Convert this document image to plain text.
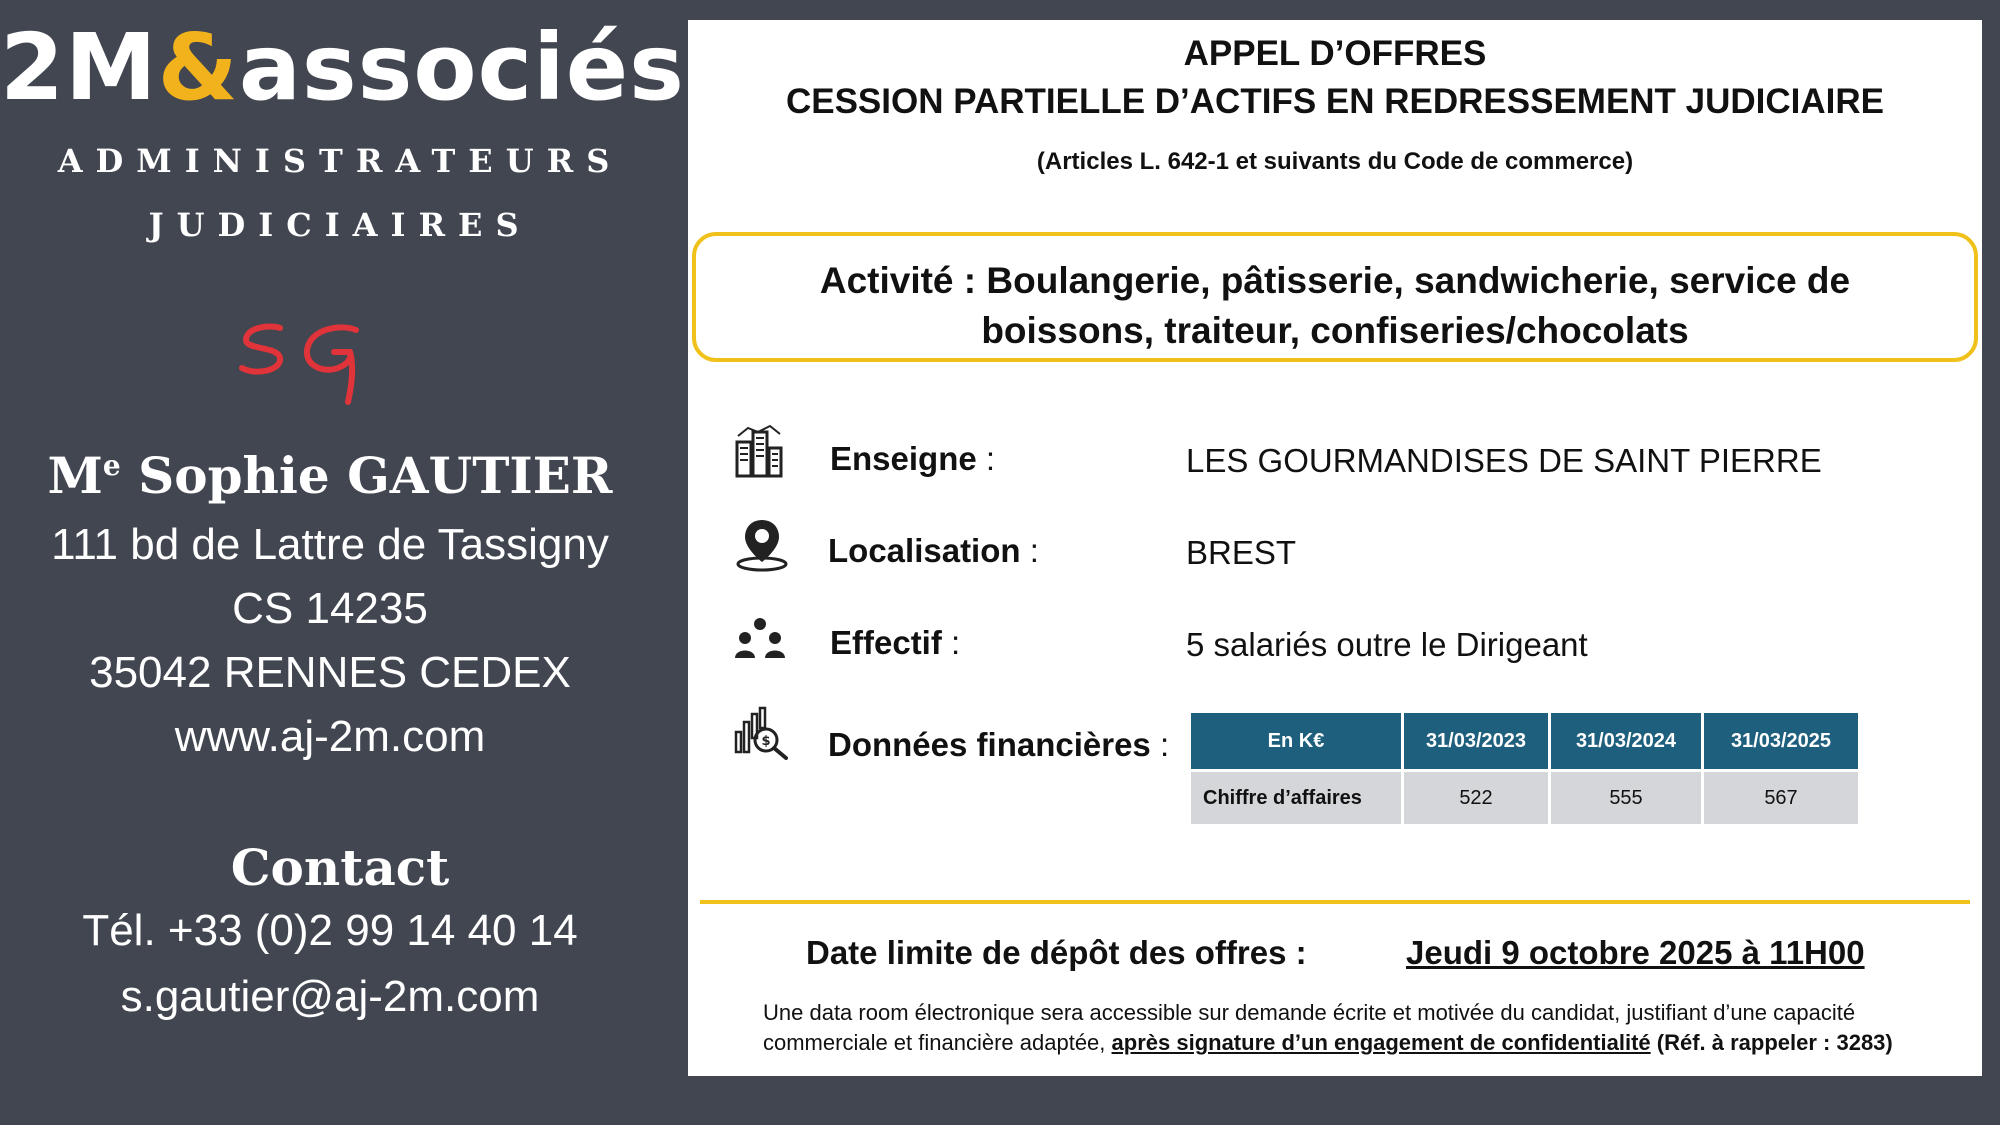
2M&associés
ADMINISTRATEURS
JUDICIAIRES
Me Sophie GAUTIER
111 bd de Lattre de Tassigny
CS 14235
35042 RENNES CEDEX
www.aj-2m.com
Contact
Tél. +33 (0)2 99 14 40 14
s.gautier@aj-2m.com
APPEL D’OFFRES
CESSION PARTIELLE D’ACTIFS EN REDRESSEMENT JUDICIAIRE
(Articles L. 642-1 et suivants du Code de commerce)
Activité : Boulangerie, pâtisserie, sandwicherie, service de
boissons, traiteur, confiseries/chocolats
Enseigne :	LES GOURMANDISES DE SAINT PIERRE
Localisation :	BREST
Effectif :	5 salariés outre le Dirigeant
$ Données financières :	En K€	31/03/2023	31/03/2024	31/03/2025
Chiffre d’affaires	522	555	567
Date limite de dépôt des offres :	Jeudi 9 octobre 2025 à 11H00
Une data room électronique sera accessible sur demande écrite et motivée du candidat, justifiant d’une capacité
commerciale et financière adaptée, après signature d’un engagement de confidentialité (Réf. à rappeler : 3283)
